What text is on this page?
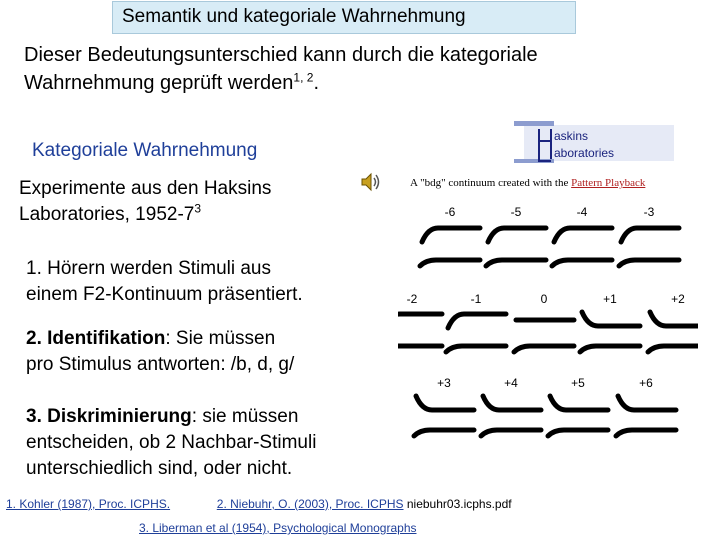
Semantik und kategoriale Wahrnehmung
Dieser Bedeutungsunterschied kann durch die kategoriale
Wahrnehmung geprüft werden$^{1, 2}$.
Kategoriale Wahrnehmung
Experimente aus den Haksins
Laboratories, $1952-7^3$
1. Hörern werden Stimuli aus
einem F2-Kontinuum präsentiert.
2. Identifikation: Sie müssen
pro Stimulus antworten: /b, d, g/
3. Diskriminierung: sie müssen
entscheiden, ob 2 Nachbar-Stimuli
unterschiedlich sind, oder nicht.
1. Kohler (1987), Proc. ICPHS.	2. Niebuhr, O. (2003), Proc. ICPHS niebuhr03.icphs.pdf
3. Liberman et al (1954), Psychological Monographs
askins
aboratories
A "bdg" continuum created with the Pattern Playback
-6	-5	-4	-3
-2	-1	0	+1	+2
+3	+4	+5	+6
